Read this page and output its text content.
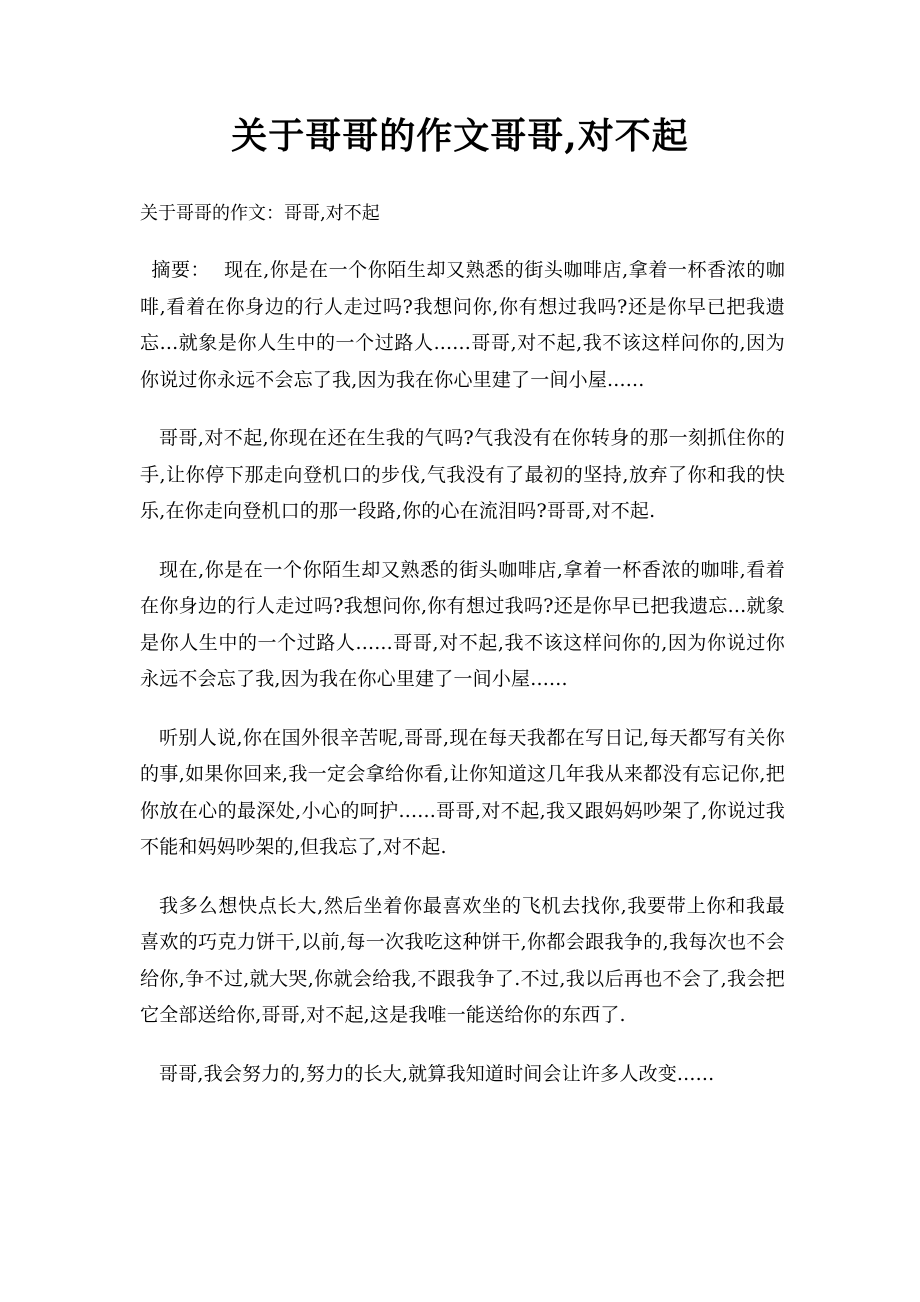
关于哥哥的作文哥哥,对不起

关于哥哥的作文：哥哥,对不起

摘要： 现在,你是在一个你陌生却又熟悉的街头咖啡店,拿着一杯香浓的咖啡,看着在你身边的行人走过吗?我想问你,你有想过我吗?还是你早已把我遗忘...就象是你人生中的一个过路人......哥哥,对不起,我不该这样问你的,因为你说过你永远不会忘了我,因为我在你心里建了一间小屋......

哥哥,对不起,你现在还在生我的气吗?气我没有在你转身的那一刻抓住你的手,让你停下那走向登机口的步伐,气我没有了最初的坚持,放弃了你和我的快乐,在你走向登机口的那一段路,你的心在流泪吗?哥哥,对不起.

现在,你是在一个你陌生却又熟悉的街头咖啡店,拿着一杯香浓的咖啡,看着在你身边的行人走过吗?我想问你,你有想过我吗?还是你早已把我遗忘...就象是你人生中的一个过路人......哥哥,对不起,我不该这样问你的,因为你说过你永远不会忘了我,因为我在你心里建了一间小屋......

听别人说,你在国外很辛苦呢,哥哥,现在每天我都在写日记,每天都写有关你的事,如果你回来,我一定会拿给你看,让你知道这几年我从来都没有忘记你,把你放在心的最深处,小心的呵护......哥哥,对不起,我又跟妈妈吵架了,你说过我不能和妈妈吵架的,但我忘了,对不起.

我多么想快点长大,然后坐着你最喜欢坐的飞机去找你,我要带上你和我最喜欢的巧克力饼干,以前,每一次我吃这种饼干,你都会跟我争的,我每次也不会给你,争不过,就大哭,你就会给我,不跟我争了.不过,我以后再也不会了,我会把它全部送给你,哥哥,对不起,这是我唯一能送给你的东西了.

哥哥,我会努力的,努力的长大,就算我知道时间会让许多人改变......
